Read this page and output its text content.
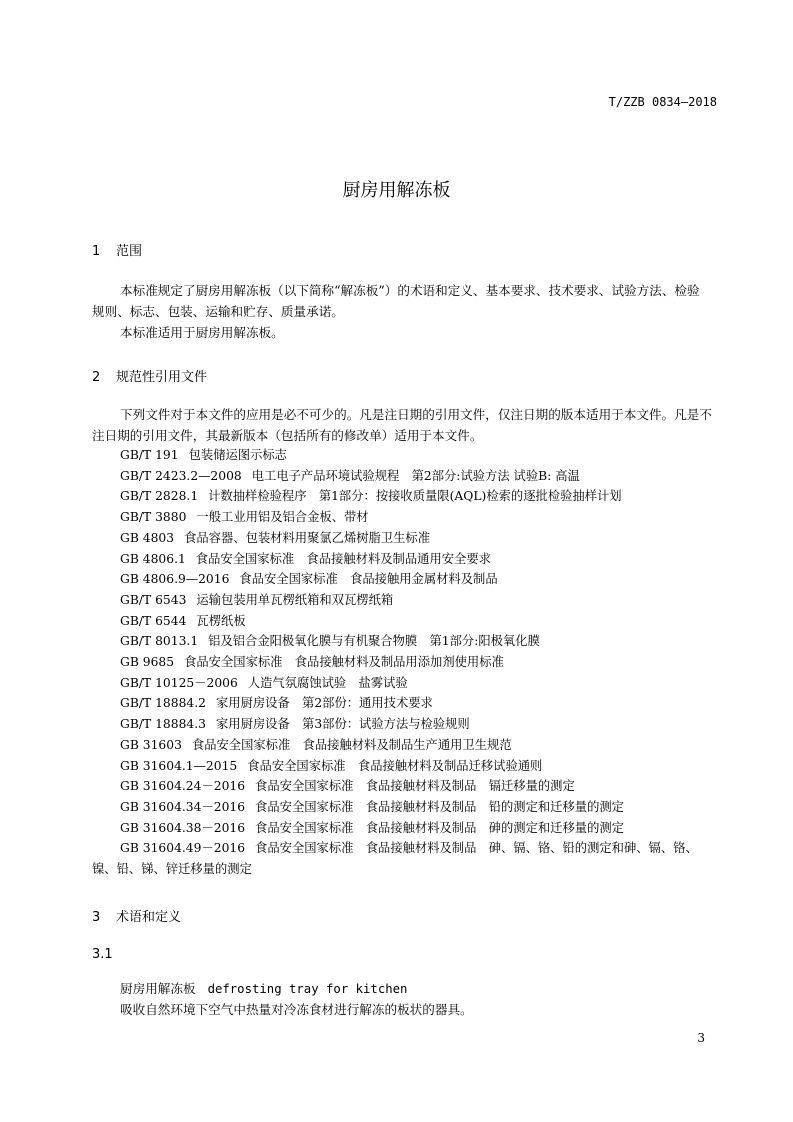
T/ZZB 0834—2018
厨房用解冻板
1 范围
本标准规定了厨房用解冻板（以下简称“解冻板”）的术语和定义、基本要求、技术要求、试验方法、检验规则、标志、包装、运输和贮存、质量承诺。
本标准适用于厨房用解冻板。
2 规范性引用文件
下列文件对于本文件的应用是必不可少的。凡是注日期的引用文件，仅注日期的版本适用于本文件。凡是不注日期的引用文件，其最新版本（包括所有的修改单）适用于本文件。
GB/T 191 包装储运图示标志
GB/T 2423.2—2008 电工电子产品环境试验规程　第2部分:试验方法 试验B: 高温
GB/T 2828.1 计数抽样检验程序　第1部分：按接收质量限(AQL)检索的逐批检验抽样计划
GB/T 3880 一般工业用铝及铝合金板、带材
GB 4803 食品容器、包装材料用聚氯乙烯树脂卫生标准
GB 4806.1 食品安全国家标准　食品接触材料及制品通用安全要求
GB 4806.9—2016 食品安全国家标准　食品接触用金属材料及制品
GB/T 6543 运输包装用单瓦楞纸箱和双瓦楞纸箱
GB/T 6544 瓦楞纸板
GB/T 8013.1 铝及铝合金阳极氧化膜与有机聚合物膜　第1部分:阳极氧化膜
GB 9685 食品安全国家标准　食品接触材料及制品用添加剂使用标准
GB/T 10125－2006 人造气氛腐蚀试验　盐雾试验
GB/T 18884.2 家用厨房设备　第2部份：通用技术要求
GB/T 18884.3 家用厨房设备　第3部份：试验方法与检验规则
GB 31603 食品安全国家标准　食品接触材料及制品生产通用卫生规范
GB 31604.1—2015 食品安全国家标准　食品接触材料及制品迁移试验通则
GB 31604.24－2016 食品安全国家标准　食品接触材料及制品　镉迁移量的测定
GB 31604.34－2016 食品安全国家标准　食品接触材料及制品　铅的测定和迁移量的测定
GB 31604.38－2016 食品安全国家标准　食品接触材料及制品　砷的测定和迁移量的测定
GB 31604.49－2016 食品安全国家标准　食品接触材料及制品　砷、镉、铬、铅的测定和砷、镉、铬、镍、铅、锑、锌迁移量的测定
3 术语和定义
3.1
厨房用解冻板 defrosting tray for kitchen
吸收自然环境下空气中热量对冷冻食材进行解冻的板状的器具。
3
